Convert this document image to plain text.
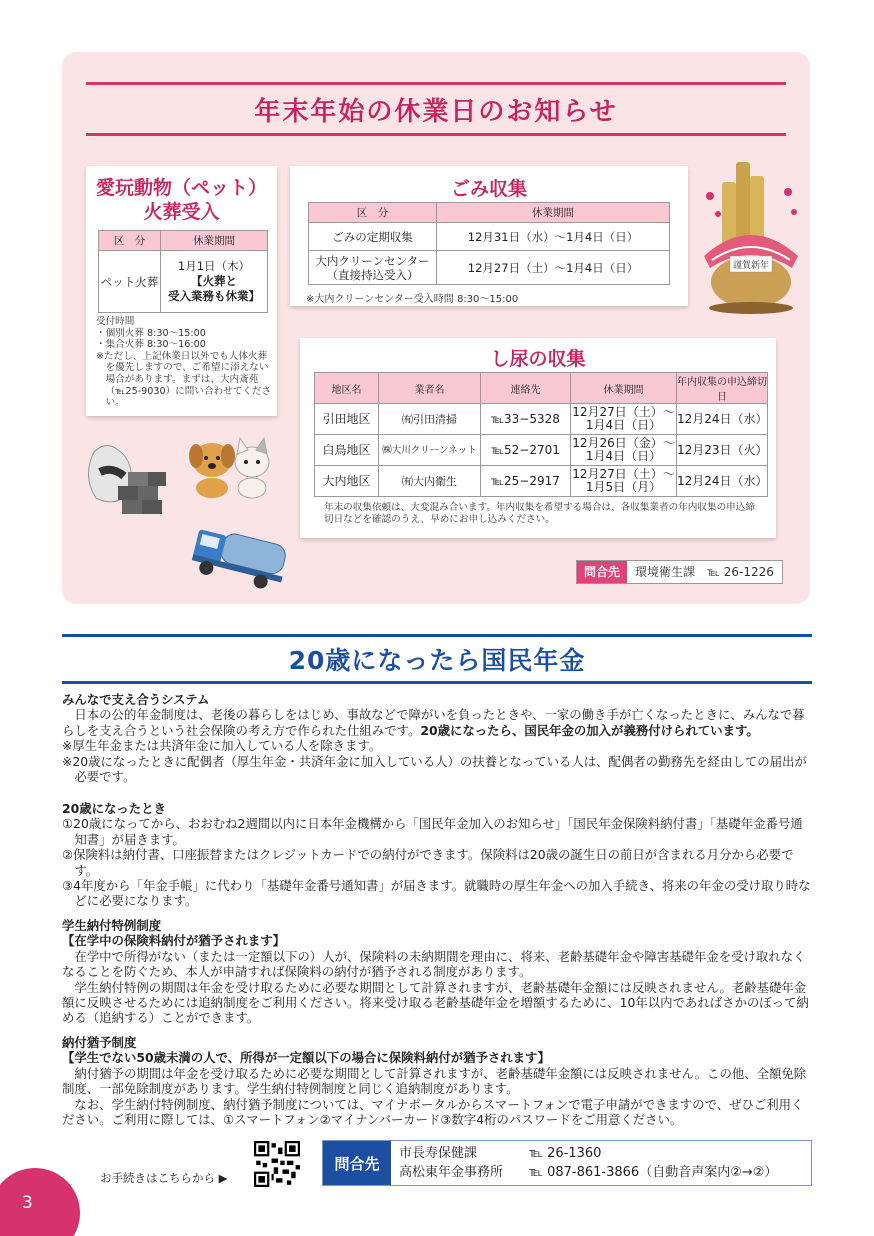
年末年始の休業日のお知らせ
愛玩動物（ペット）
火葬受入
区　分	休業期間
ペット火葬	1月1日（木）
【火葬と
受入業務も休業】
受付時間
・個別火葬 8:30〜15:00
・集合火葬 8:30〜16:00
※ただし、上記休業日以外でも人体火葬を優先しますので、ご希望に添えない場合があります。まずは、大内斎苑（℡25-9030）に問い合わせてください。
ごみ収集
区　分	休業期間
ごみの定期収集	12月31日（水）〜1月4日（日）

大内クリーンセンター
（直接持込受入）	12月27日（土）〜1月4日（日）
※大内クリーンセンター受入時間 8:30〜15:00
し尿の収集
地区名	業者名	連絡先	休業期間	年内収集の申込締切日
引田地区	㈲引田清掃	℡33−5328	12月27日（土）〜
1月4日（日）	12月24日（水）
白鳥地区	㈱大川クリーンネット	℡52−2701	12月26日（金）〜
1月4日（日）	12月23日（火）
大内地区	㈲大内衛生	℡25−2917	12月27日（土）〜
1月5日（月）	12月24日（水）
年末の収集依頼は、大変混み合います。年内収集を希望する場合は、各収集業者の年内収集の申込締切日などを確認のうえ、早めにお申し込みください。
問合先	環境衛生課　℡ 26-1226
謹賀新年
20歳になったら国民年金
みんなで支え合うシステム
日本の公的年金制度は、老後の暮らしをはじめ、事故などで障がいを負ったときや、一家の働き手が亡くなったときに、みんなで暮らしを支え合うという社会保険の考え方で作られた仕組みです。20歳になったら、国民年金の加入が義務付けられています。
※厚生年金または共済年金に加入している人を除きます。
※20歳になったときに配偶者（厚生年金・共済年金に加入している人）の扶養となっている人は、配偶者の勤務先を経由しての届出が必要です。
20歳になったとき
①20歳になってから、おおむね2週間以内に日本年金機構から「国民年金加入のお知らせ」「国民年金保険料納付書」「基礎年金番号通知書」が届きます。
②保険料は納付書、口座振替またはクレジットカードでの納付ができます。保険料は20歳の誕生日の前日が含まれる月分から必要です。
③4年度から「年金手帳」に代わり「基礎年金番号通知書」が届きます。就職時の厚生年金への加入手続き、将来の年金の受け取り時などに必要になります。
学生納付特例制度
【在学中の保険料納付が猶予されます】
在学中で所得がない（または一定額以下の）人が、保険料の未納期間を理由に、将来、老齢基礎年金や障害基礎年金を受け取れなくなることを防ぐため、本人が申請すれば保険料の納付が猶予される制度があります。
学生納付特例の期間は年金を受け取るために必要な期間として計算されますが、老齢基礎年金額には反映されません。老齢基礎年金額に反映させるためには追納制度をご利用ください。将来受け取る老齢基礎年金を増額するために、10年以内であればさかのぼって納める（追納する）ことができます。
納付猶予制度
【学生でない50歳未満の人で、所得が一定額以下の場合に保険料納付が猶予されます】
納付猶予の期間は年金を受け取るために必要な期間として計算されますが、老齢基礎年金額には反映されません。この他、全額免除制度、一部免除制度があります。学生納付特例制度と同じく追納制度があります。
なお、学生納付特例制度、納付猶予制度については、マイナポータルからスマートフォンで電子申請ができますので、ぜひご利用ください。ご利用に際しては、①スマートフォン②マイナンバーカード③数字4桁のパスワードをご用意ください。
お手続きはこちらから ▶
問合先
市長寿保健課	℡ 26-1360
高松東年金事務所	℡ 087-861-3866（自動音声案内②→②）
3
